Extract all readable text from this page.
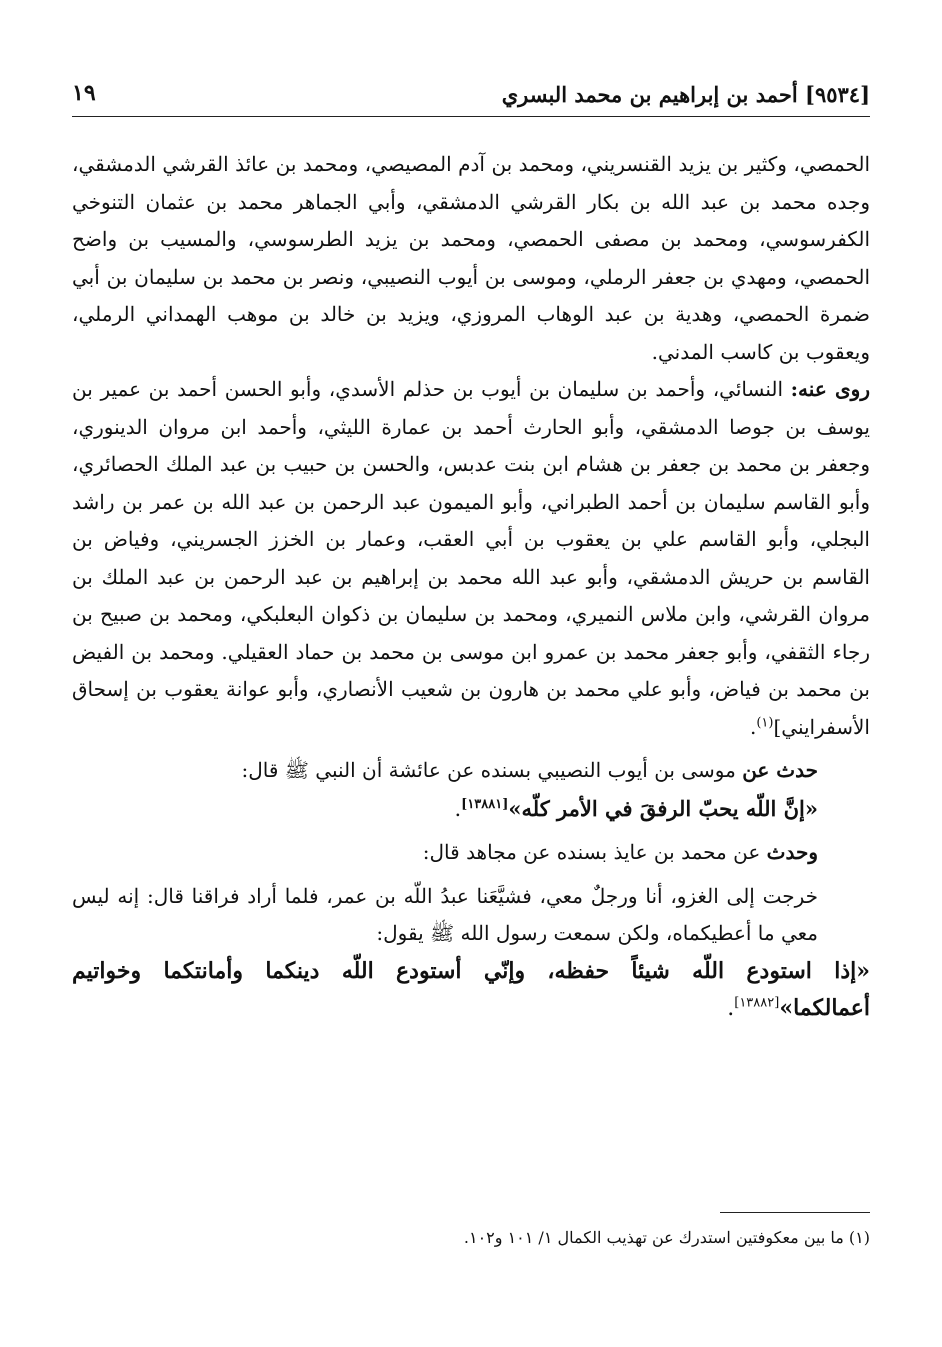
١٩	[٩٥٣٤] أحمد بن إبراهيم بن محمد البسري

الحمصي، وكثير بن يزيد القنسريني، ومحمد بن آدم المصيصي، ومحمد بن عائذ القرشي الدمشقي، وجده محمد بن عبد الله بن بكار القرشي الدمشقي، وأبي الجماهر محمد بن عثمان التنوخي الكفرسوسي، ومحمد بن مصفى الحمصي، ومحمد بن يزيد الطرسوسي، والمسيب بن واضح الحمصي، ومهدي بن جعفر الرملي، وموسى بن أيوب النصيبي، ونصر بن محمد بن سليمان بن أبي ضمرة الحمصي، وهدية بن عبد الوهاب المروزي، ويزيد بن خالد بن موهب الهمداني الرملي، ويعقوب بن كاسب المدني.

روى عنه: النسائي، وأحمد بن سليمان بن أيوب بن حذلم الأسدي، وأبو الحسن أحمد بن عمير بن يوسف بن جوصا الدمشقي، وأبو الحارث أحمد بن عمارة الليثي، وأحمد ابن مروان الدينوري، وجعفر بن محمد بن جعفر بن هشام ابن بنت عدبس، والحسن بن حبيب بن عبد الملك الحصائري، وأبو القاسم سليمان بن أحمد الطبراني، وأبو الميمون عبد الرحمن بن عبد الله بن عمر بن راشد البجلي، وأبو القاسم علي بن يعقوب بن أبي العقب، وعمار بن الخزز الجسريني، وفياض بن القاسم بن حريش الدمشقي، وأبو عبد الله محمد بن إبراهيم بن عبد الرحمن بن عبد الملك بن مروان القرشي، وابن ملاس النميري، ومحمد بن سليمان بن ذكوان البعلبكي، ومحمد بن صبيح بن رجاء الثقفي، وأبو جعفر محمد بن عمرو ابن موسى بن محمد بن حماد العقيلي. ومحمد بن الفيض بن محمد بن فياض، وأبو علي محمد بن هارون بن شعيب الأنصاري، وأبو عوانة يعقوب بن إسحاق الأسفرايني]$^{(١)}$.

حدث عن موسى بن أيوب النصيبي بسنده عن عائشة أن النبي ﷺ قال:

«إنَّ اللّه يحبّ الرفقَ في الأمر كلّه»[١٣٨٨١].

وحدث عن محمد بن عايذ بسنده عن مجاهد قال:

خرجت إلى الغزو، أنا ورجلٌ معي، فشيَّعَنا عبدُ اللّه بن عمر، فلما أراد فراقنا قال: إنه ليس معي ما أعطيكماه، ولكن سمعت رسول الله ﷺ يقول:

«إذا استودع اللّه شيئاً حفظه، وإنّي أستودع اللّه دينكما وأمانتكما وخواتيم أعمالكما»[١٣٨٨٢].

(١) ما بين معكوفتين استدرك عن تهذيب الكمال ١/ ١٠١ و١٠٢.
